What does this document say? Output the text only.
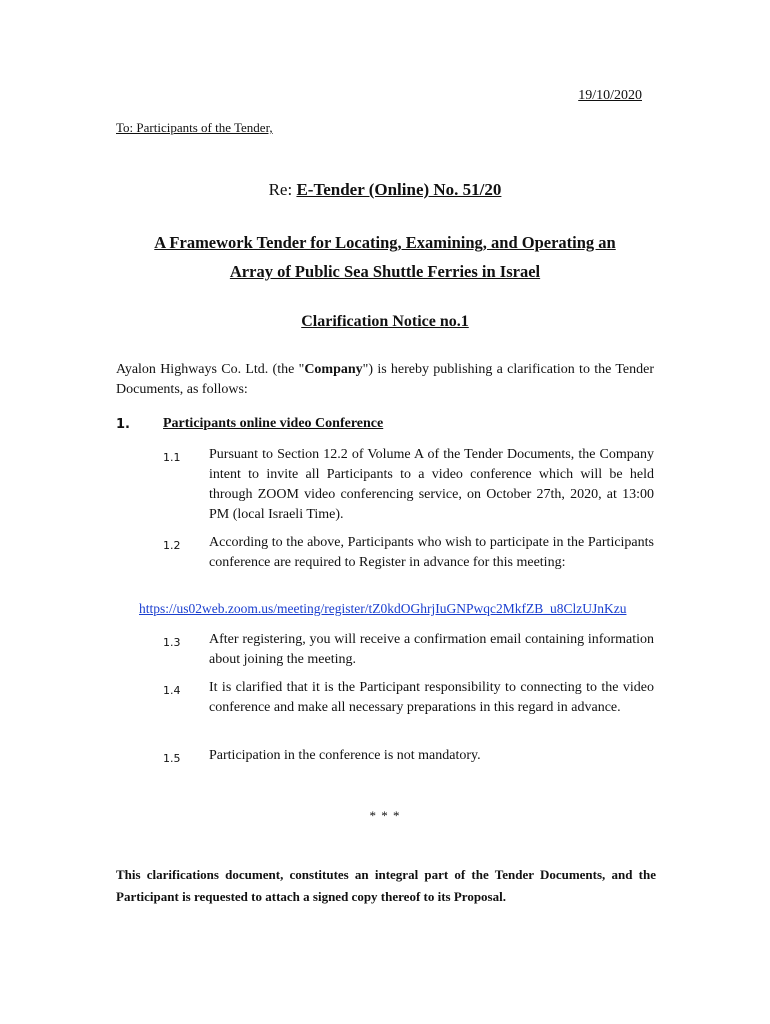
19/10/2020
To: Participants of the Tender,
Re: E-Tender (Online) No. 51/20
A Framework Tender for Locating, Examining, and Operating an
Array of Public Sea Shuttle Ferries in Israel
Clarification Notice no.1
Ayalon Highways Co. Ltd. (the "Company") is hereby publishing a clarification to the Tender Documents, as follows:
1. Participants online video Conference
1.1 Pursuant to Section 12.2 of Volume A of the Tender Documents, the Company intent to invite all Participants to a video conference which will be held through ZOOM video conferencing service, on October 27th, 2020, at 13:00 PM (local Israeli Time).
1.2 According to the above, Participants who wish to participate in the Participants conference are required to Register in advance for this meeting:
https://us02web.zoom.us/meeting/register/tZ0kdOGhrjIuGNPwqc2MkfZB_u8ClzUJnKzu
1.3 After registering, you will receive a confirmation email containing information about joining the meeting.
1.4 It is clarified that it is the Participant responsibility to connecting to the video conference and make all necessary preparations in this regard in advance.
1.5 Participation in the conference is not mandatory.
* * *
This clarifications document, constitutes an integral part of the Tender Documents, and the Participant is requested to attach a signed copy thereof to its Proposal.
